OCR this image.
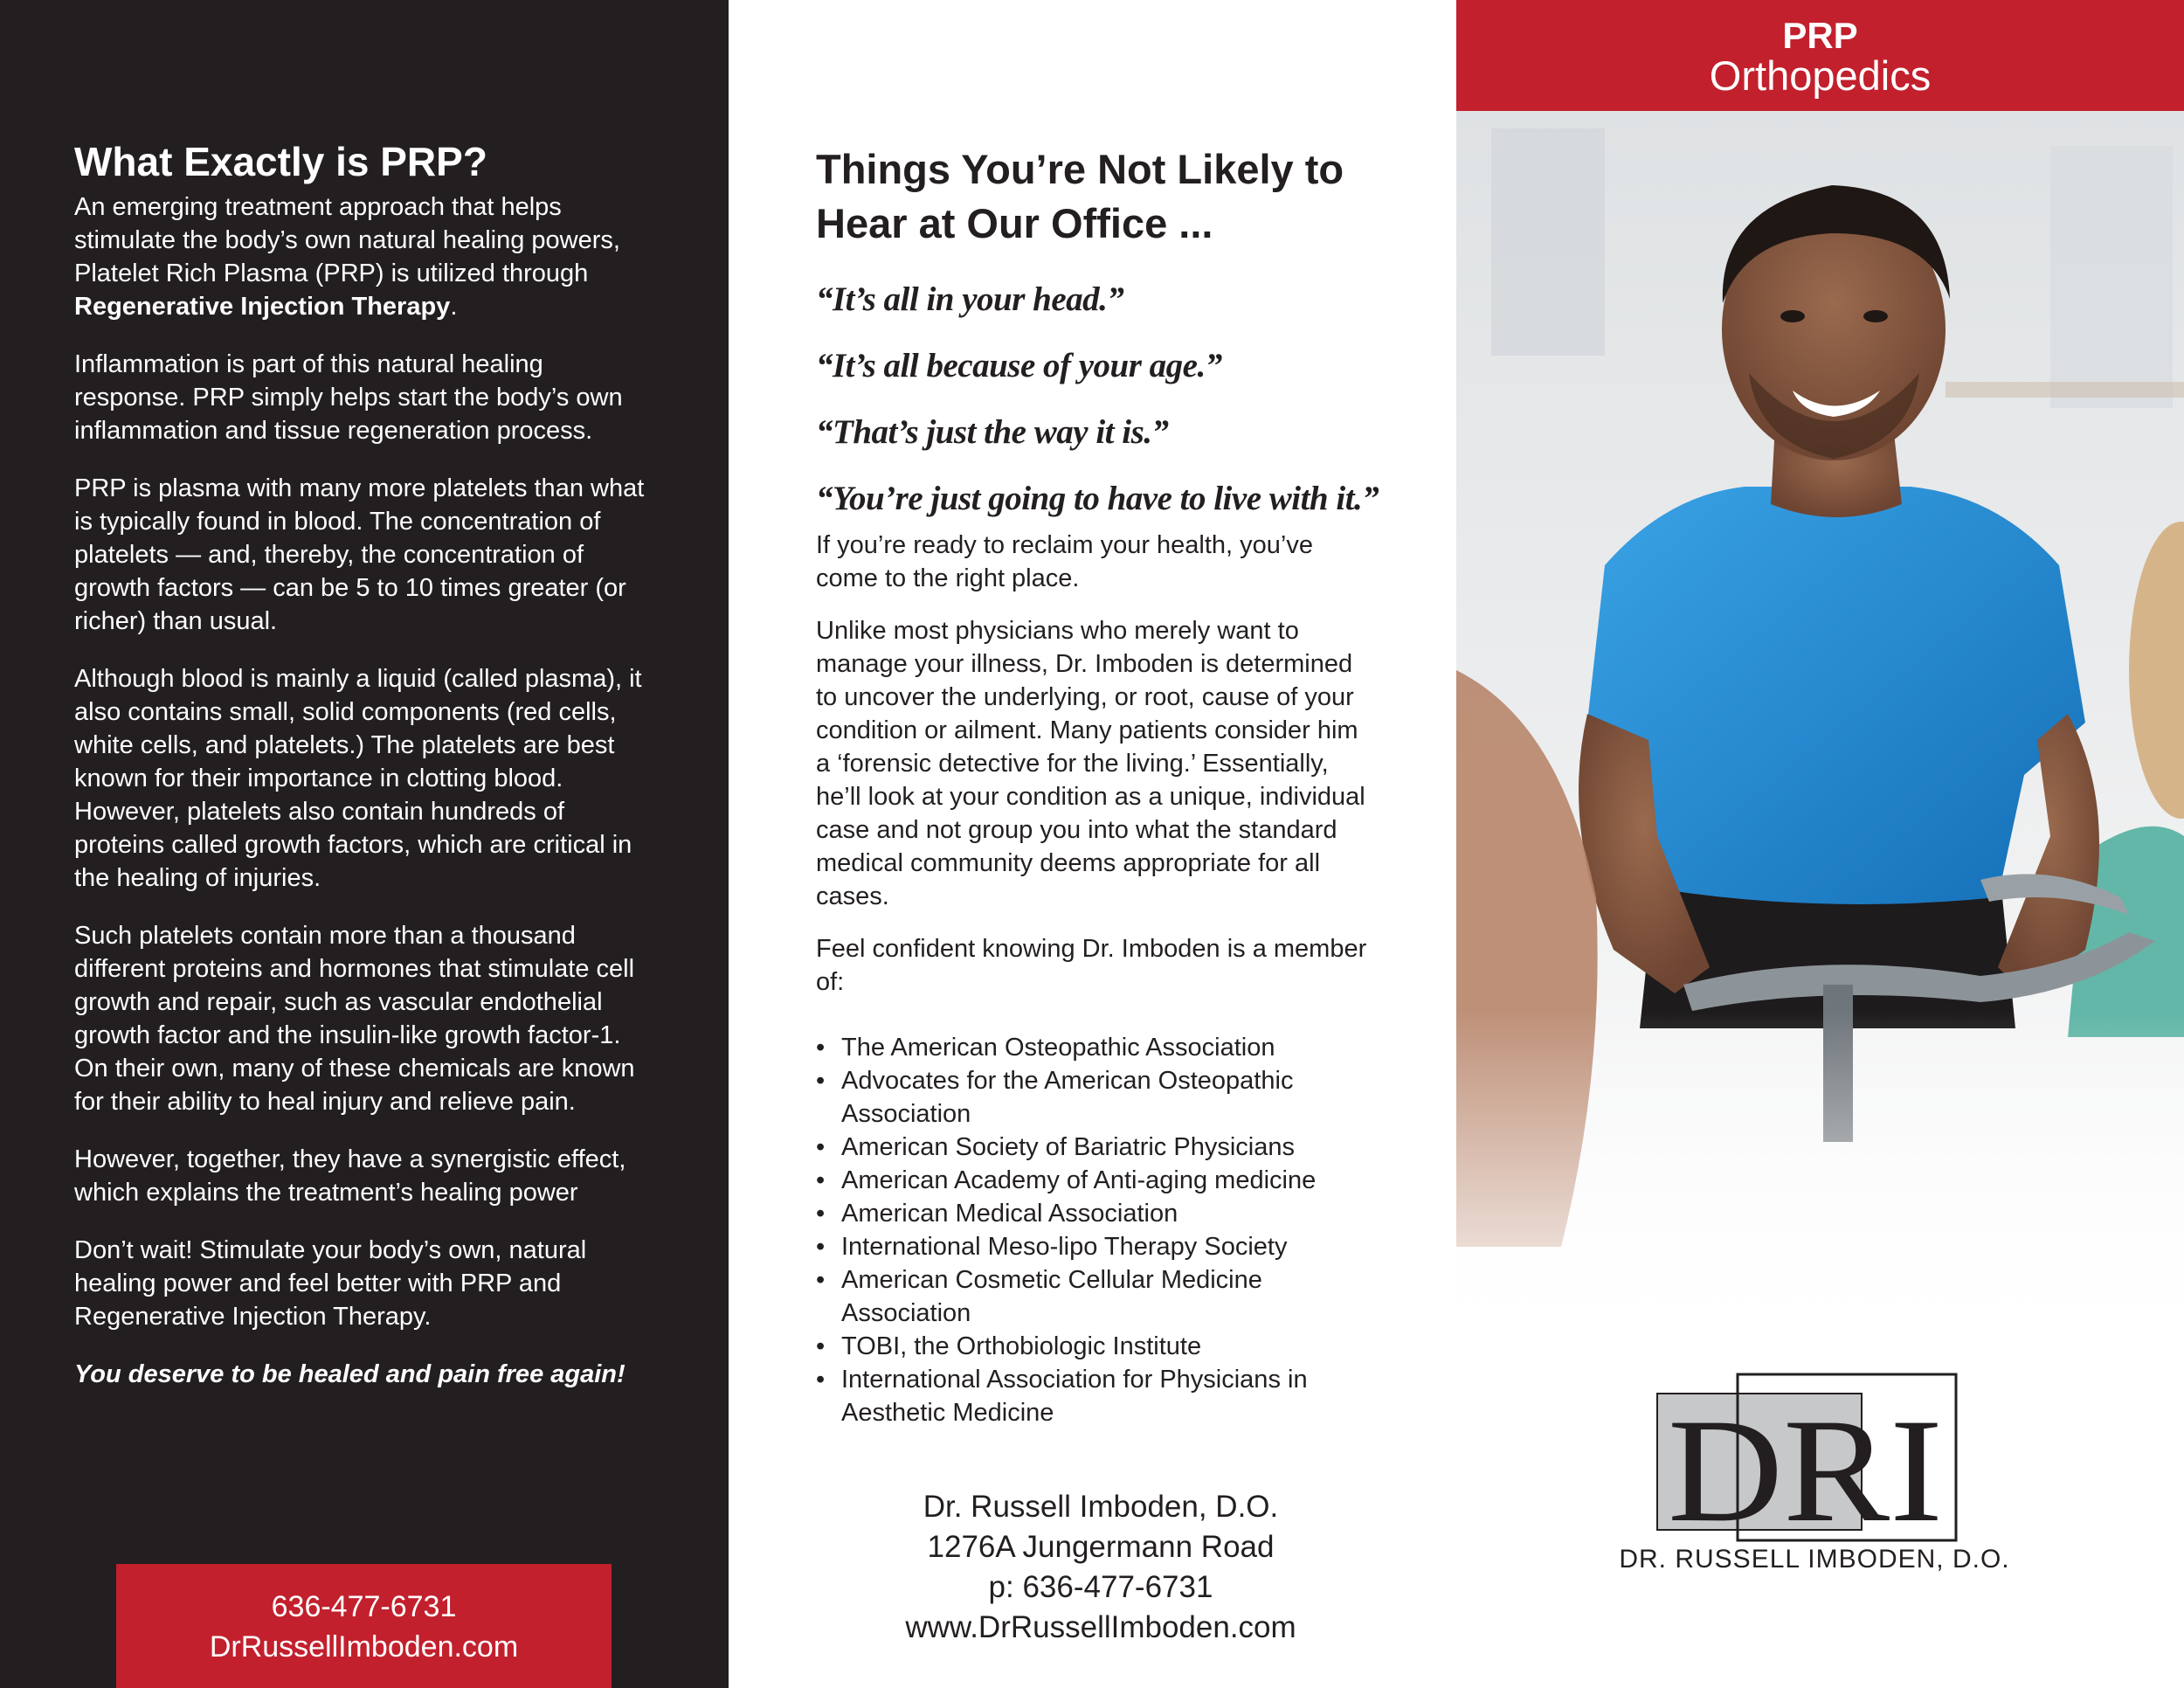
What Exactly is PRP?

An emerging treatment approach that helps stimulate the body’s own natural healing powers, Platelet Rich Plasma (PRP) is utilized through Regenerative Injection Therapy.

Inflammation is part of this natural healing response. PRP simply helps start the body’s own inflammation and tissue regeneration process.

PRP is plasma with many more platelets than what is typically found in blood. The concentration of platelets — and, thereby, the concentration of growth factors — can be 5 to 10 times greater (or richer) than usual.

Although blood is mainly a liquid (called plasma), it also contains small, solid components (red cells, white cells, and platelets.) The platelets are best known for their importance in clotting blood. However, platelets also contain hundreds of proteins called growth factors, which are critical in the healing of injuries.

Such platelets contain more than a thousand different proteins and hormones that stimulate cell growth and repair, such as vascular endothelial growth factor and the insulin-like growth factor-1. On their own, many of these chemicals are known for their ability to heal injury and relieve pain.

However, together, they have a synergistic effect, which explains the treatment’s healing power

Don’t wait! Stimulate your body’s own, natural healing power and feel better with PRP and Regenerative Injection Therapy.

You deserve to be healed and pain free again!

636-477-6731
DrRussellImboden.com
Things You’re Not Likely to Hear at Our Office ...
“It’s all in your head.”
“It’s all because of your age.”
“That’s just the way it is.”
“You’re just going to have to live with it.”

If you’re ready to reclaim your health, you’ve come to the right place.

Unlike most physicians who merely want to manage your illness, Dr. Imboden is determined to uncover the underlying, or root, cause of your condition or ailment. Many patients consider him a ‘forensic detective for the living.’ Essentially, he’ll look at your condition as a unique, individual case and not group you into what the standard medical community deems appropriate for all cases.

Feel confident knowing Dr. Imboden is a member of:

• The American Osteopathic Association
• Advocates for the American Osteopathic Association
• American Society of Bariatric Physicians
• American Academy of Anti-aging medicine
• American Medical Association
• International Meso-lipo Therapy Society
• American Cosmetic Cellular Medicine Association
• TOBI, the Orthobiologic Institute
• International Association for Physicians in Aesthetic Medicine
Dr. Russell Imboden, D.O.
1276A Jungermann Road
p: 636-477-6731
www.DrRussellImboden.com
PRP
Orthopedics
DRI
DR. RUSSELL IMBODEN, D.O.
